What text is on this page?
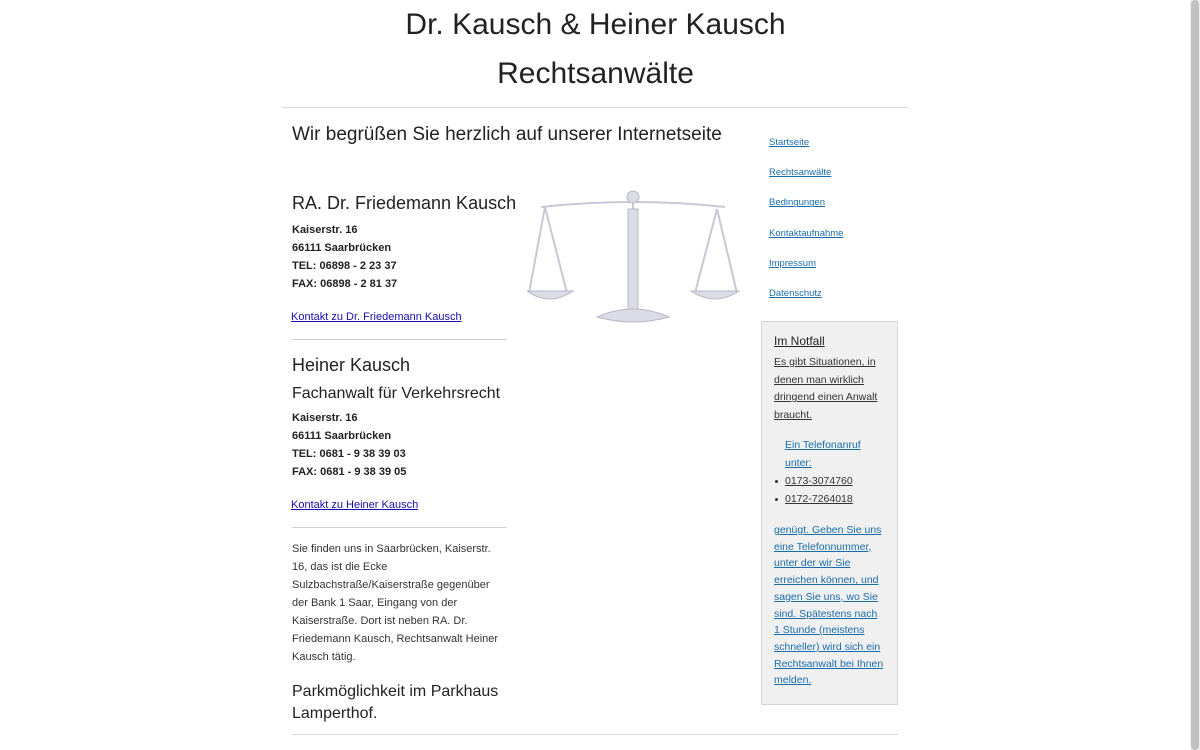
Dr. Kausch & Heiner Kausch
Rechtsanwälte
Wir begrüßen Sie herzlich auf unserer Internetseite
RA. Dr. Friedemann Kausch

Kaiserstr. 16

66111 Saarbrücken

TEL: 06898 - 2 23 37

FAX: 06898 - 2 81 37

Kontakt zu Dr. Friedemann Kausch
Heiner Kausch
Fachanwalt für Verkehrsrecht

Kaiserstr. 16

66111 Saarbrücken

TEL: 0681 - 9 38 39 03

FAX: 0681 - 9 38 39 05

Kontakt zu Heiner Kausch

Sie finden uns in Saarbrücken, Kaiserstr. 16, das ist die Ecke Sulzbachstraße/Kaiserstraße gegenüber der Bank 1 Saar, Eingang von der Kaiserstraße. Dort ist neben RA. Dr. Friedemann Kausch, Rechtsanwalt Heiner Kausch tätig.

Parkmöglichkeit im Parkhaus Lamperthof.

Startseite
Rechtsanwälte
Bedingungen
Kontaktaufnahme
Impressum
Datenschutz

Im Notfall

Es gibt Situationen, in denen man wirklich dringend einen Anwalt braucht.

Ein Telefonanruf unter:

0173-3074760
0172-7264018

genügt. Geben Sie uns eine Telefonnummer, unter der wir Sie erreichen können, und sagen Sie uns, wo Sie sind. Spätestens nach 1 Stunde (meistens schneller) wird sich ein Rechtsanwalt bei Ihnen melden.
